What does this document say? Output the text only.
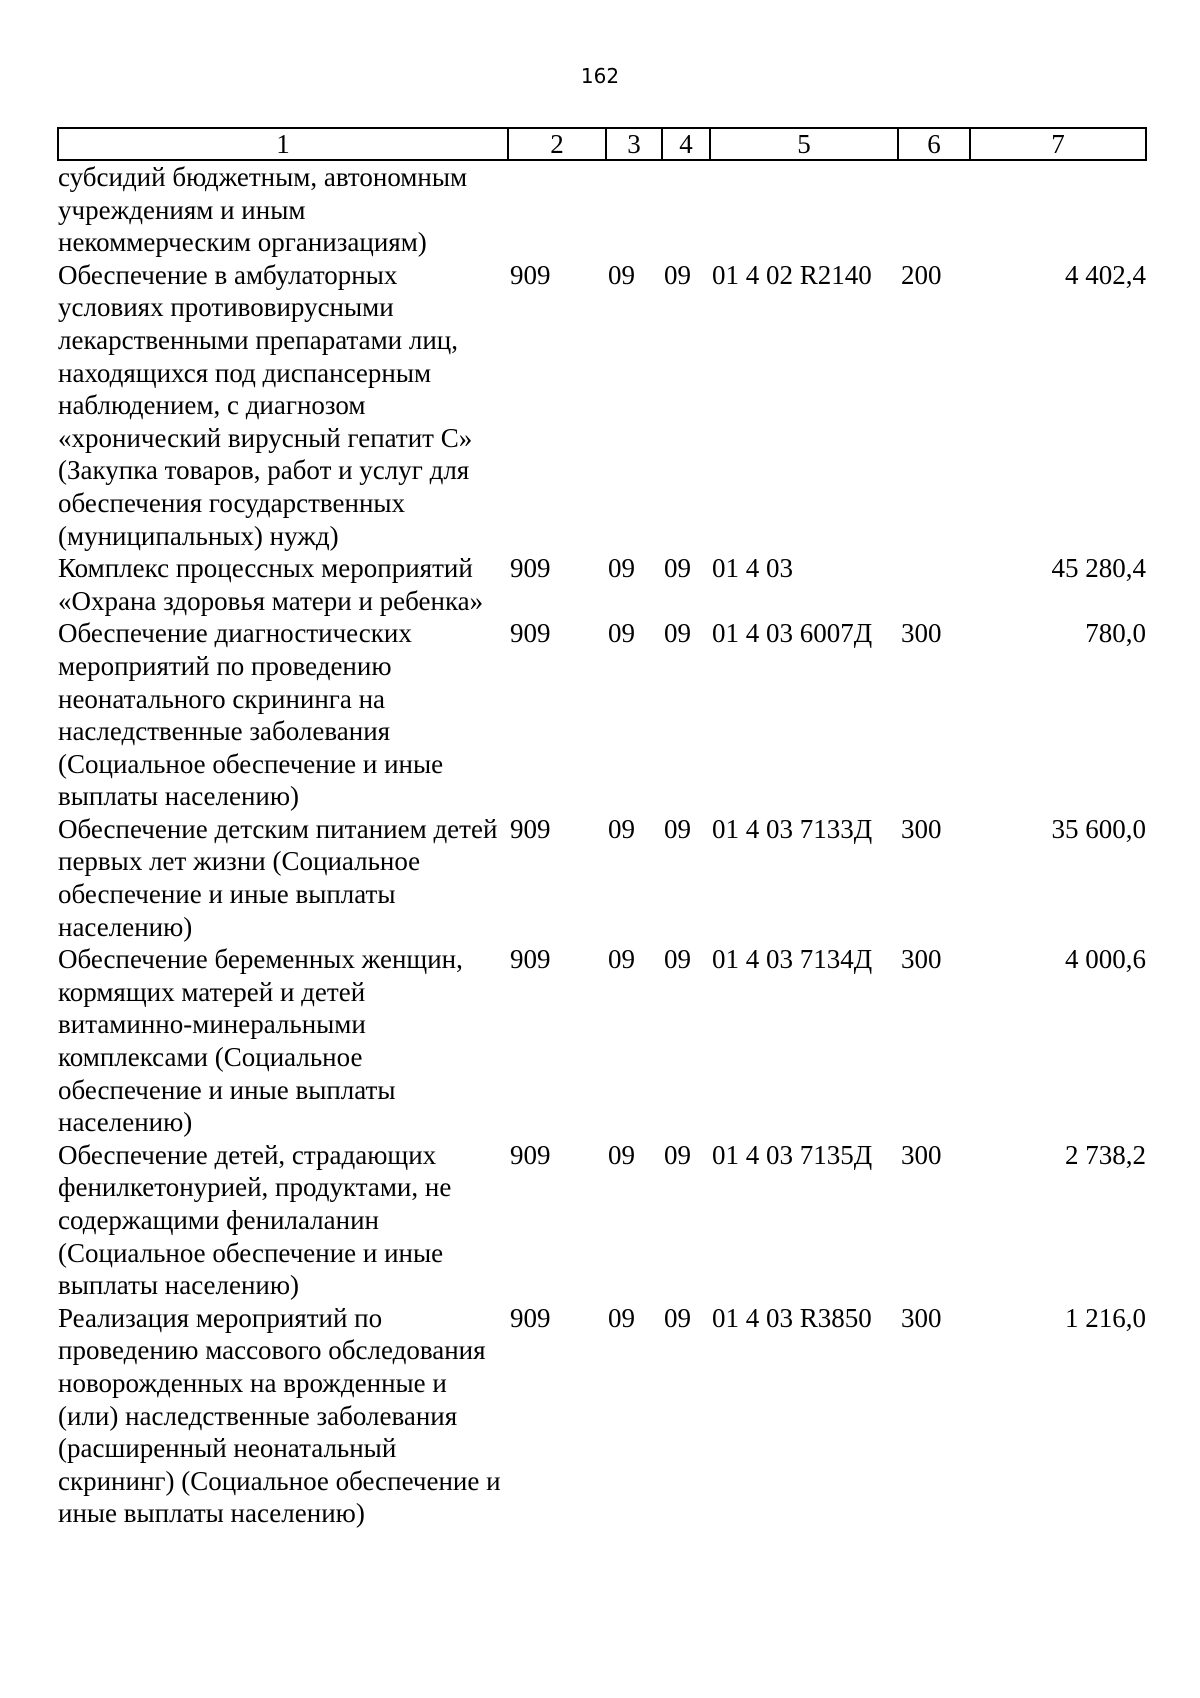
162
1	2	3	4	5	6	7
субсидий бюджетным, автономным учреждениям и иным некоммерческим организациям)						
Обеспечение в амбулаторных условиях противовирусными лекарственными препаратами лиц, находящихся под диспансерным наблюдением, с диагнозом «хронический вирусный гепатит С» (Закупка товаров, работ и услуг для обеспечения государственных (муниципальных) нужд)	909	09	09	01 4 02 R2140	200	4 402,4
Комплекс процессных мероприятий «Охрана здоровья матери и ребенка»	909	09	09	01 4 03		45 280,4
Обеспечение диагностических мероприятий по проведению неонатального скрининга на наследственные заболевания (Социальное обеспечение и иные выплаты населению)	909	09	09	01 4 03 6007Д	300	780,0
Обеспечение детским питанием детей первых лет жизни (Социальное обеспечение и иные выплаты населению)	909	09	09	01 4 03 7133Д	300	35 600,0
Обеспечение беременных женщин, кормящих матерей и детей витаминно-минеральными комплексами (Социальное обеспечение и иные выплаты населению)	909	09	09	01 4 03 7134Д	300	4 000,6
Обеспечение детей, страдающих фенилкетонурией, продуктами, не содержащими фенилаланин (Социальное обеспечение и иные выплаты населению)	909	09	09	01 4 03 7135Д	300	2 738,2
Реализация мероприятий по проведению массового обследования новорожденных на врожденные и (или) наследственные заболевания (расширенный неонатальный скрининг) (Социальное обеспечение и иные выплаты населению)	909	09	09	01 4 03 R3850	300	1 216,0
